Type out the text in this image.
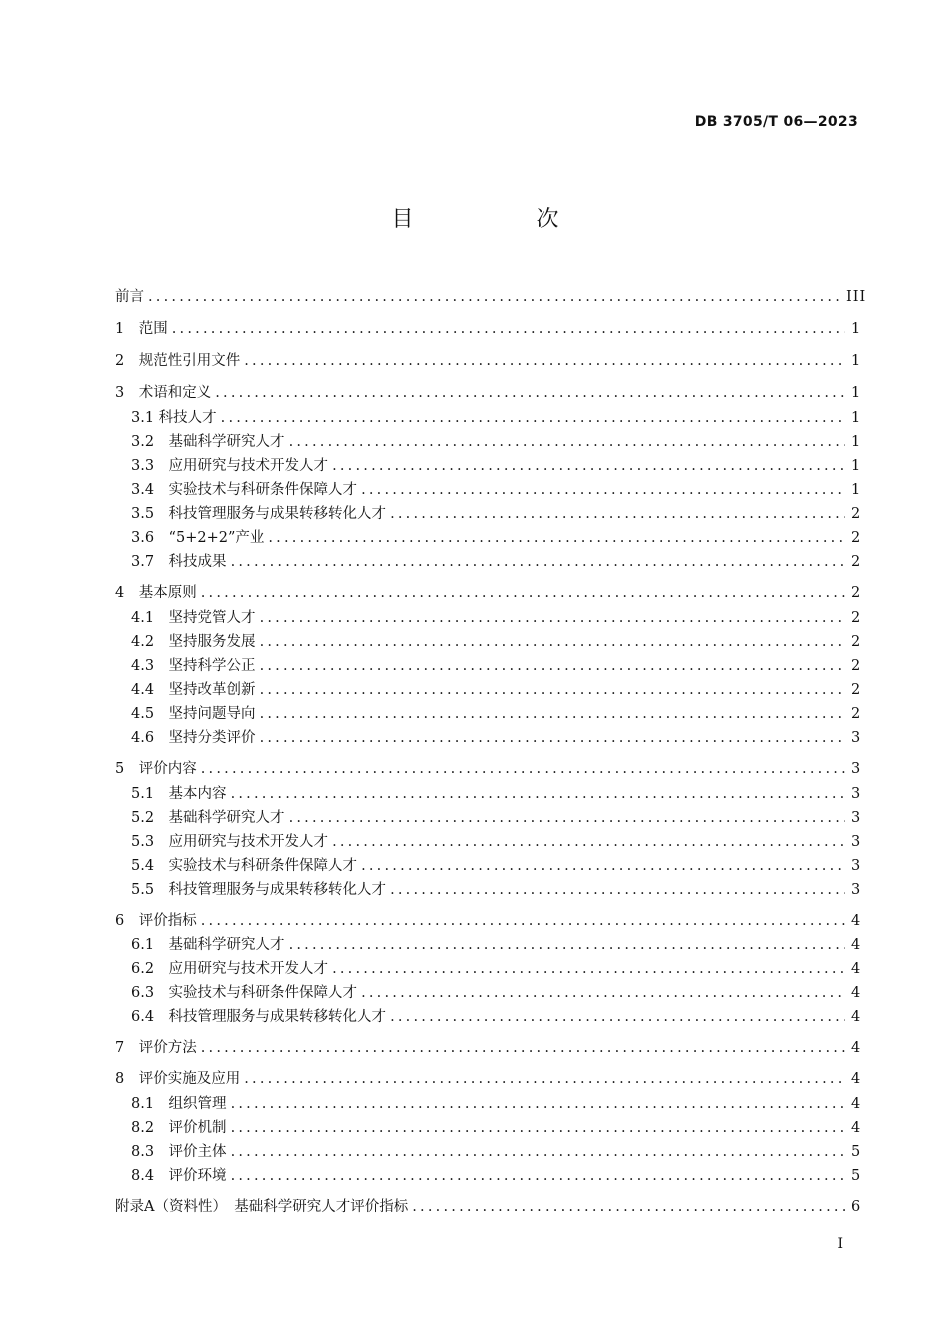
DB 3705/T 06—2023
目 次
前言 .....	III
1　范围 .....	1
2　规范性引用文件 .....	1
3　术语和定义 .....	1
3.1 科技人才 .....	1
3.2　基础科学研究人才 .....	1
3.3　应用研究与技术开发人才 .....	1
3.4　实验技术与科研条件保障人才 .....	1
3.5　科技管理服务与成果转移转化人才 .....	2
3.6　“5+2+2”产业 .....	2
3.7　科技成果 .....	2
4　基本原则 .....	2
4.1　坚持党管人才 .....	2
4.2　坚持服务发展 .....	2
4.3　坚持科学公正 .....	2
4.4　坚持改革创新 .....	2
4.5　坚持问题导向 .....	2
4.6　坚持分类评价 .....	3
5　评价内容 .....	3
5.1　基本内容 .....	3
5.2　基础科学研究人才 .....	3
5.3　应用研究与技术开发人才 .....	3
5.4　实验技术与科研条件保障人才 .....	3
5.5　科技管理服务与成果转移转化人才 .....	3
6　评价指标 .....	4
6.1　基础科学研究人才 .....	4
6.2　应用研究与技术开发人才 .....	4
6.3　实验技术与科研条件保障人才 .....	4
6.4　科技管理服务与成果转移转化人才 .....	4
7　评价方法 .....	4
8　评价实施及应用 .....	4
8.1　组织管理 .....	4
8.2　评价机制 .....	4
8.3　评价主体 .....	5
8.4　评价环境 .....	5
附录A（资料性）　基础科学研究人才评价指标 .....	6
I
